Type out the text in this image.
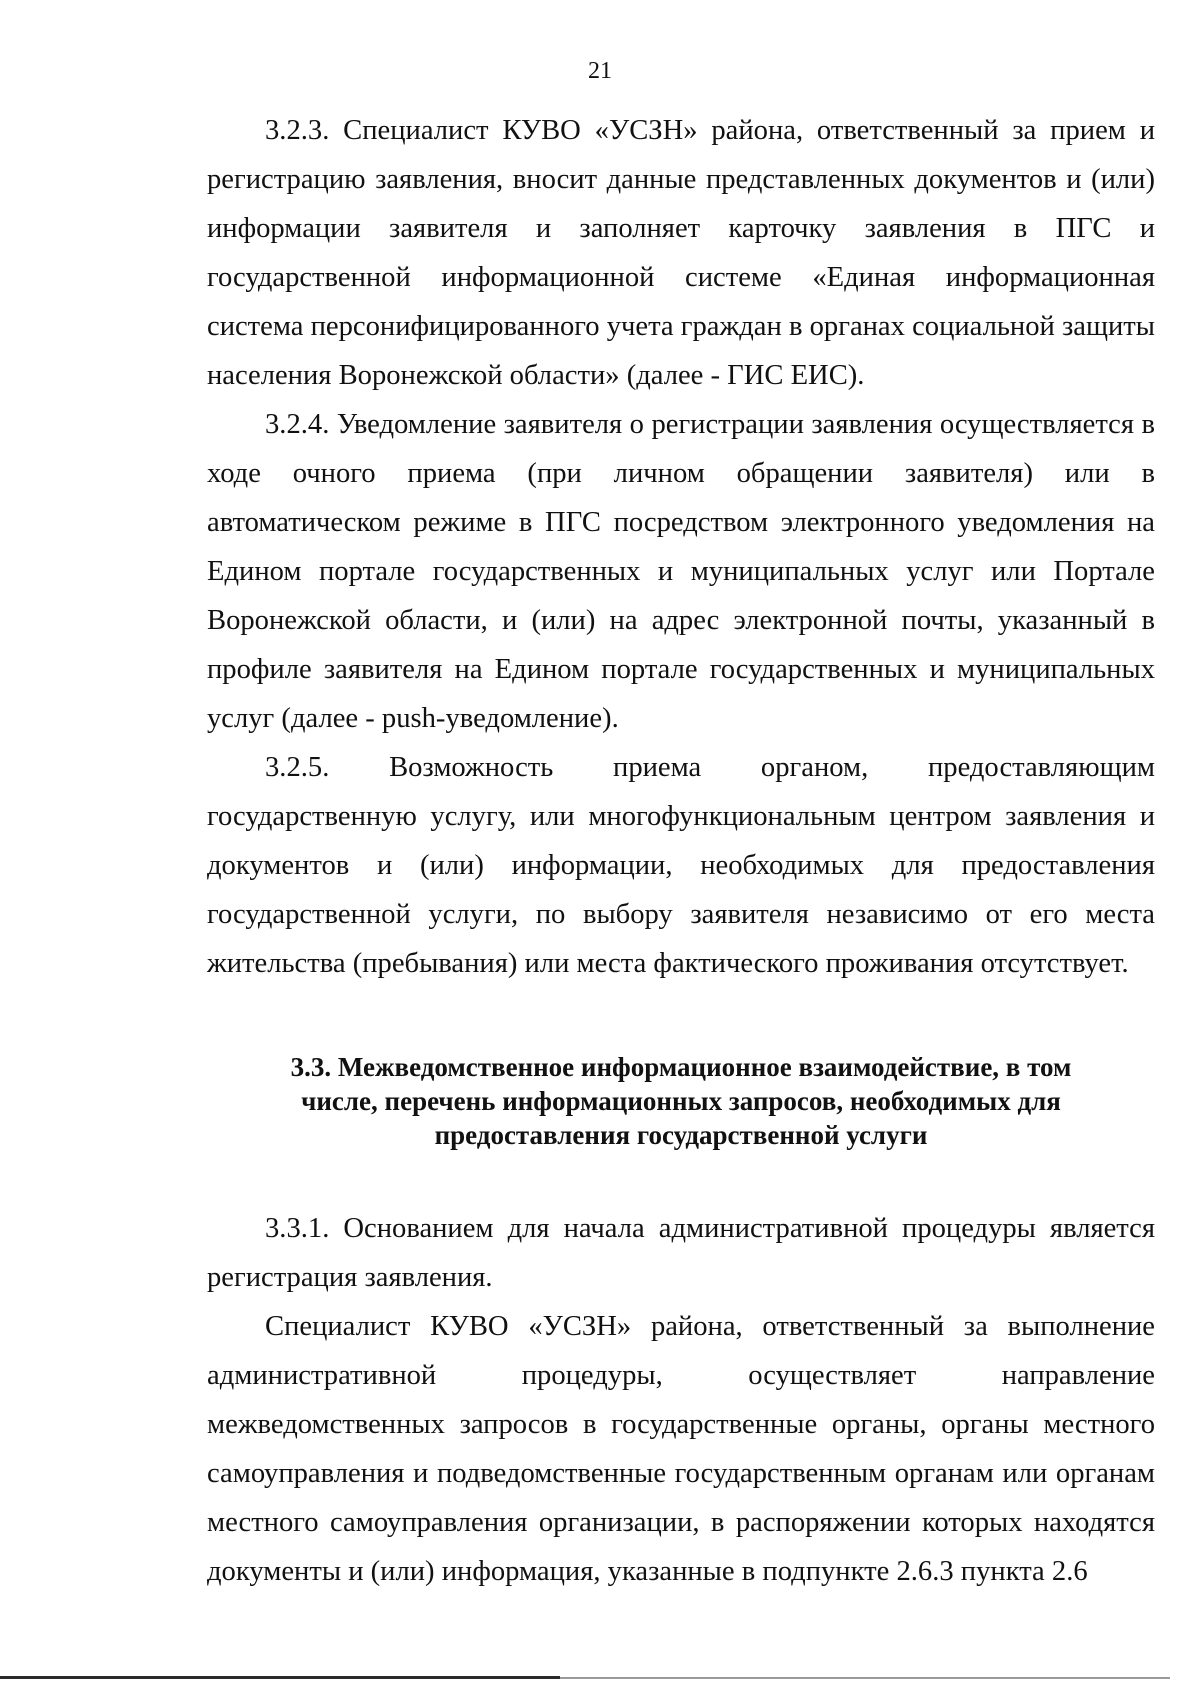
21

3.2.3. Специалист КУВО «УСЗН» района, ответственный за прием и регистрацию заявления, вносит данные представленных документов и (или) информации заявителя и заполняет карточку заявления в ПГС и государственной информационной системе «Единая информационная система персонифицированного учета граждан в органах социальной защиты населения Воронежской области» (далее - ГИС ЕИС).

3.2.4. Уведомление заявителя о регистрации заявления осуществляется в ходе очного приема (при личном обращении заявителя) или в автоматическом режиме в ПГС посредством электронного уведомления на Едином портале государственных и муниципальных услуг или Портале Воронежской области, и (или) на адрес электронной почты, указанный в профиле заявителя на Едином портале государственных и муниципальных услуг (далее - push-уведомление).

3.2.5. Возможность приема органом, предоставляющим государственную услугу, или многофункциональным центром заявления и документов и (или) информации, необходимых для предоставления государственной услуги, по выбору заявителя независимо от его места жительства (пребывания) или места фактического проживания отсутствует.

3.3. Межведомственное информационное взаимодействие, в том
числе, перечень информационных запросов, необходимых для
предоставления государственной услуги

3.3.1. Основанием для начала административной процедуры является регистрация заявления.

Специалист КУВО «УСЗН» района, ответственный за выполнение административной процедуры, осуществляет направление межведомственных запросов в государственные органы, органы местного самоуправления и подведомственные государственным органам или органам местного самоуправления организации, в распоряжении которых находятся документы и (или) информация, указанные в подпункте 2.6.3 пункта 2.6
